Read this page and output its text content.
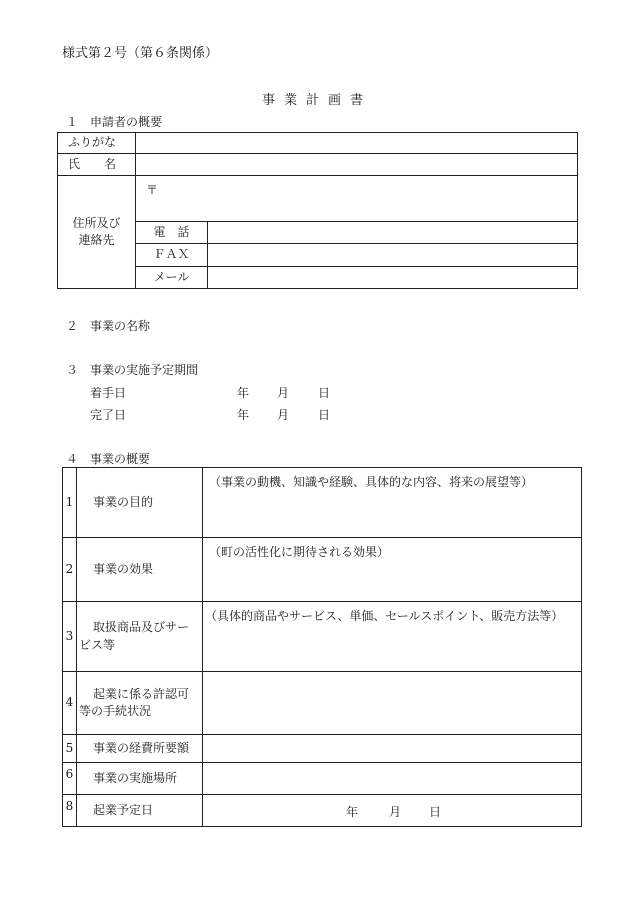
様式第２号（第６条関係）
事業計画書
１　申請者の概要
ふりがな		
氏　　名		

住所及び
連絡先	〒	
	電　話	
	ＦＡＸ	
	メール	
２　事業の名称
３　事業の実施予定期間
着手日	年 月 日
完了日	年 月 日
４　事業の概要
1	事業の目的	（事業の動機、知識や経験、具体的な内容、将来の展望等）
2	事業の効果	（町の活性化に期待される効果）
3	取扱商品及びサー
ビス等	（具体的商品やサービス、単価、セールスポイント、販売方法等）
4	起業に係る許認可
等の手続状況	

5	事業の経費所要額	
6	事業の実施場所	
8	起業予定日	年 月 日
